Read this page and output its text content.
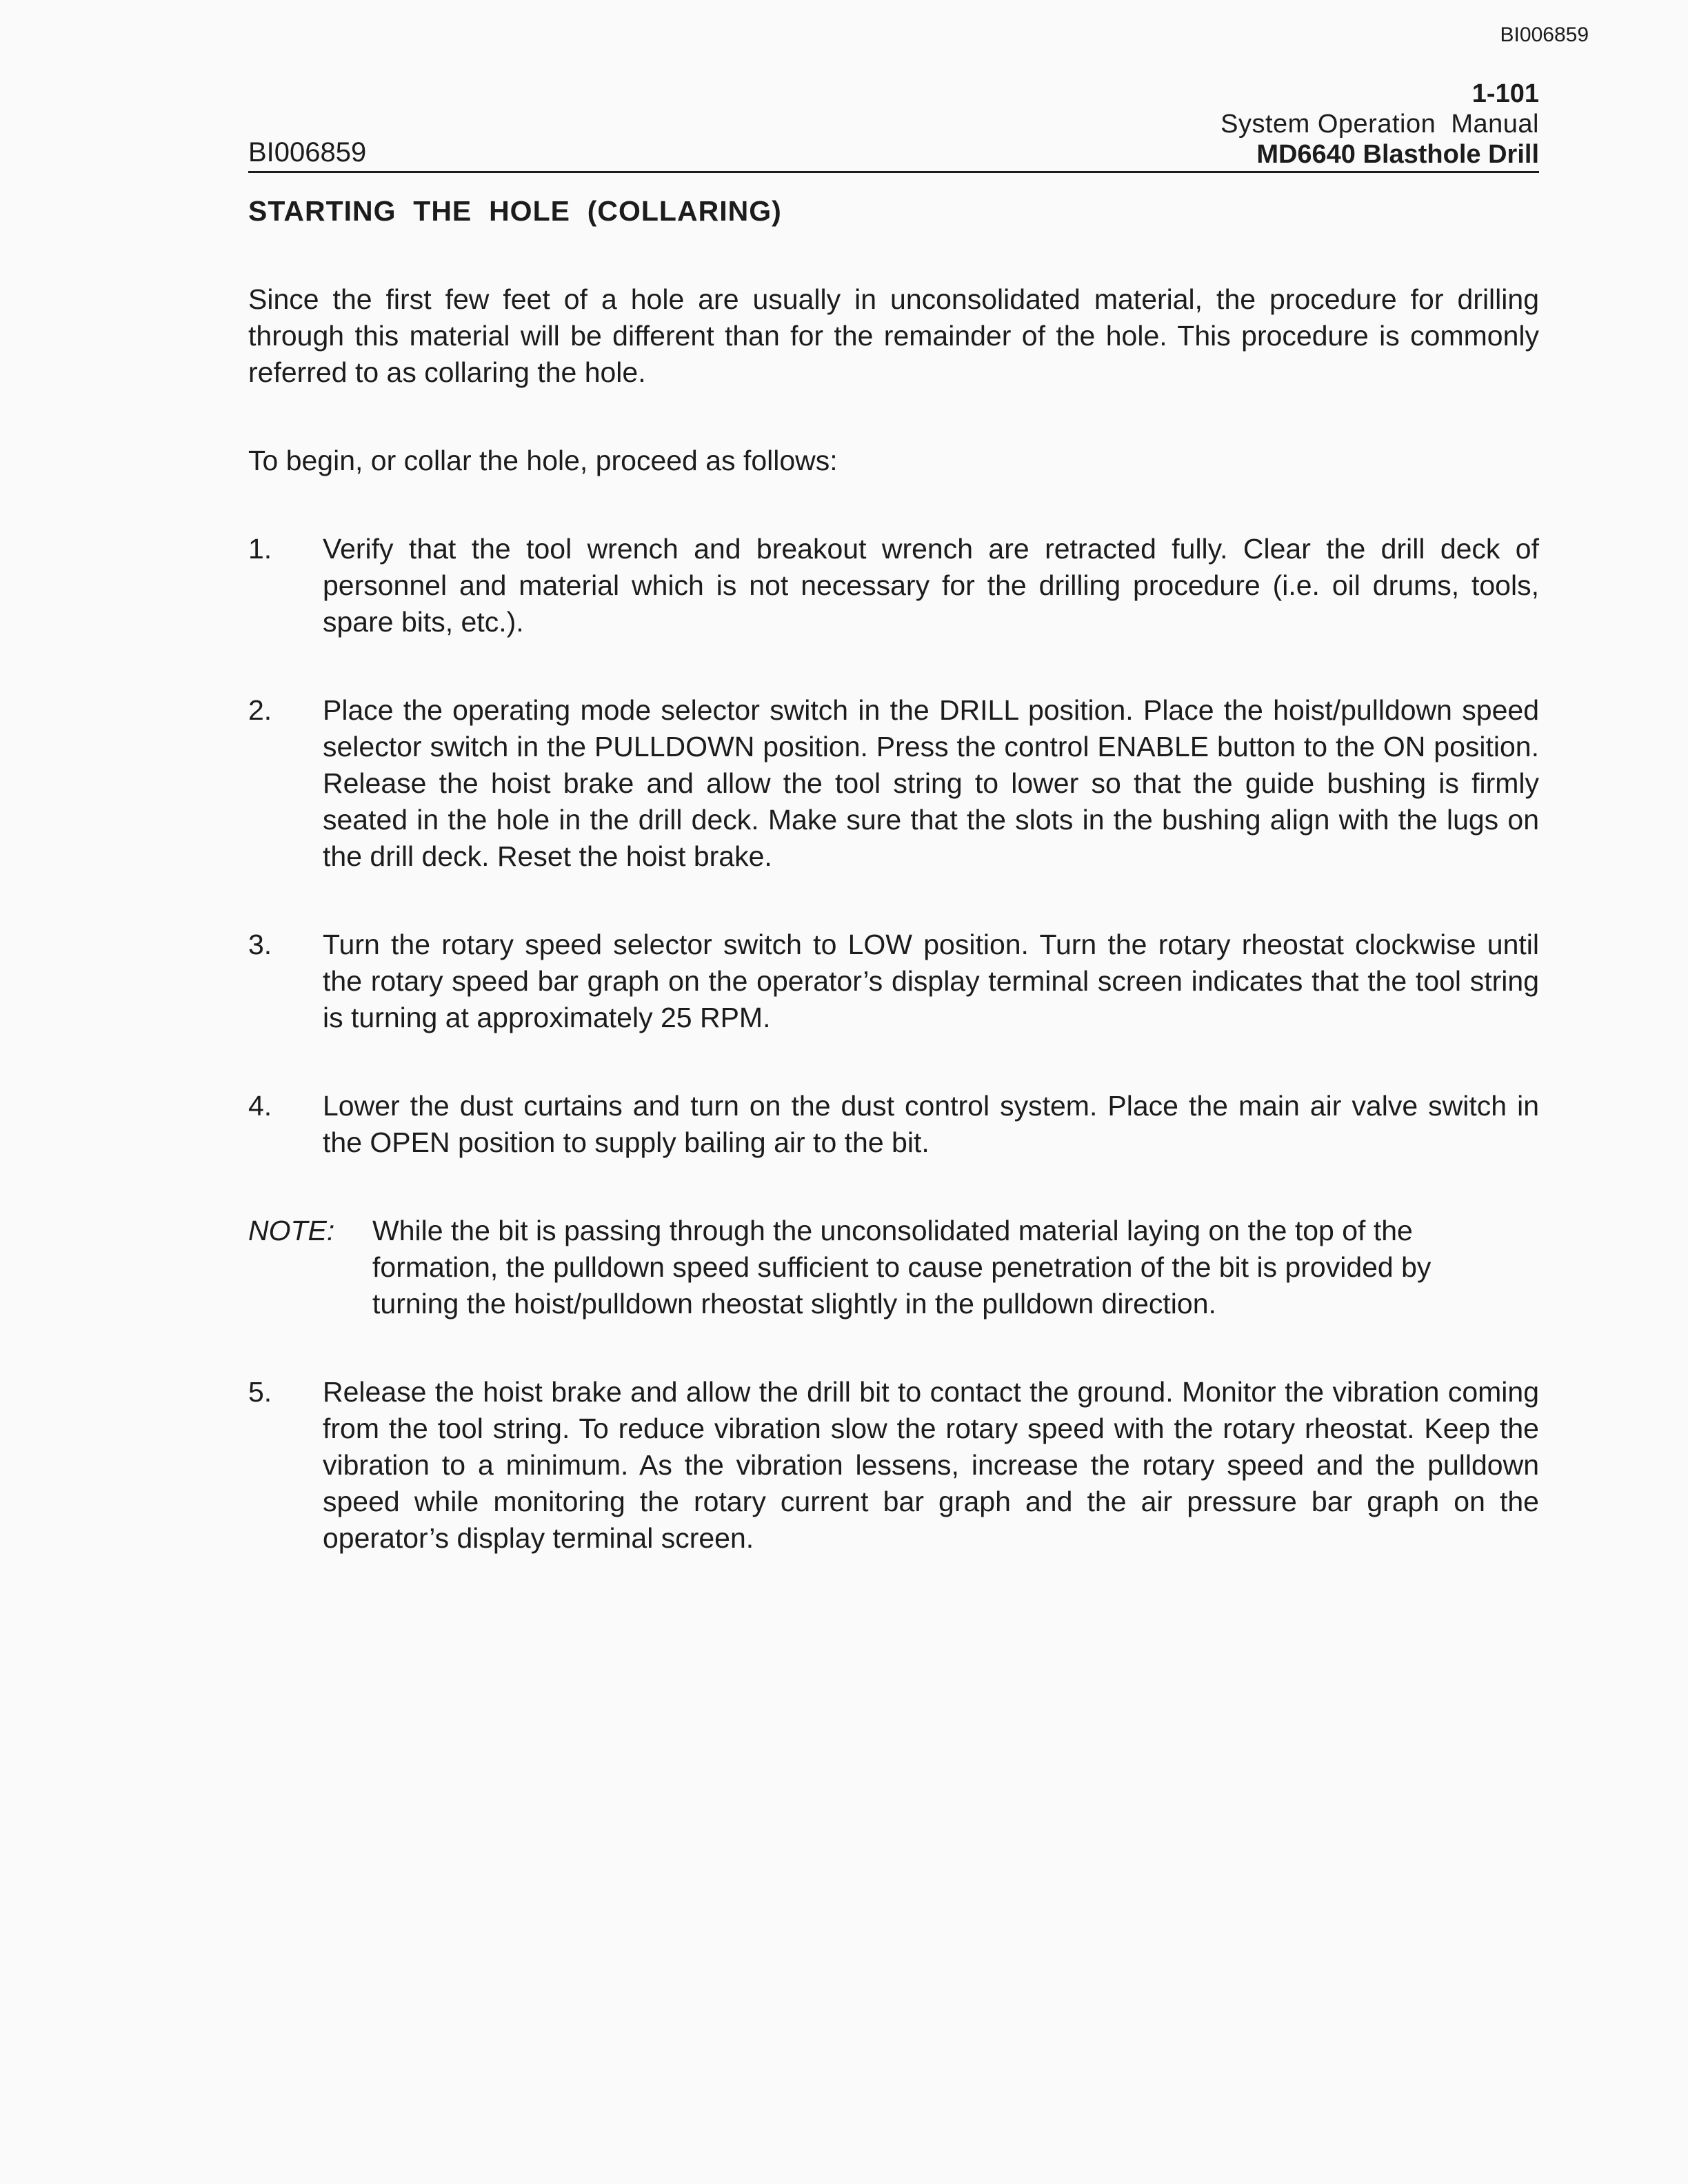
BI006859
BI006859
1-101
System Operation  Manual
MD6640 Blasthole Drill
STARTING  THE  HOLE  (COLLARING)
Since the first few feet of a hole are usually in unconsolidated material, the procedure for drilling through this material will be different than for the remainder of the hole. This procedure is commonly referred to as collaring the hole.
To begin, or collar the hole, proceed as follows:
1. Verify that the tool wrench and breakout wrench are retracted fully. Clear the drill deck of personnel and material which is not necessary for the drilling procedure (i.e. oil drums, tools, spare bits, etc.).
2. Place the operating mode selector switch in the DRILL position. Place the hoist/pulldown speed selector switch in the PULLDOWN position. Press the control ENABLE button to the ON position. Release the hoist brake and allow the tool string to lower so that the guide bushing is firmly seated in the hole in the drill deck. Make sure that the slots in the bushing align with the lugs on the drill deck. Reset the hoist brake.
3. Turn the rotary speed selector switch to LOW position. Turn the rotary rheostat clockwise until the rotary speed bar graph on the operator’s display terminal screen indicates that the tool string is turning at approximately 25 RPM.
4. Lower the dust curtains and turn on the dust control system. Place the main air valve switch in the OPEN position to supply bailing air to the bit.
NOTE: While the bit is passing through the unconsolidated material laying on the top of the formation, the pulldown speed sufficient to cause penetration of the bit is provided by turning the hoist/pulldown rheostat slightly in the pulldown direction.
5. Release the hoist brake and allow the drill bit to contact the ground. Monitor the vibration coming from the tool string. To reduce vibration slow the rotary speed with the rotary rheostat. Keep the vibration to a minimum. As the vibration lessens, increase the rotary speed and the pulldown speed while monitoring the rotary current bar graph and the air pressure bar graph on the operator’s display terminal screen.
